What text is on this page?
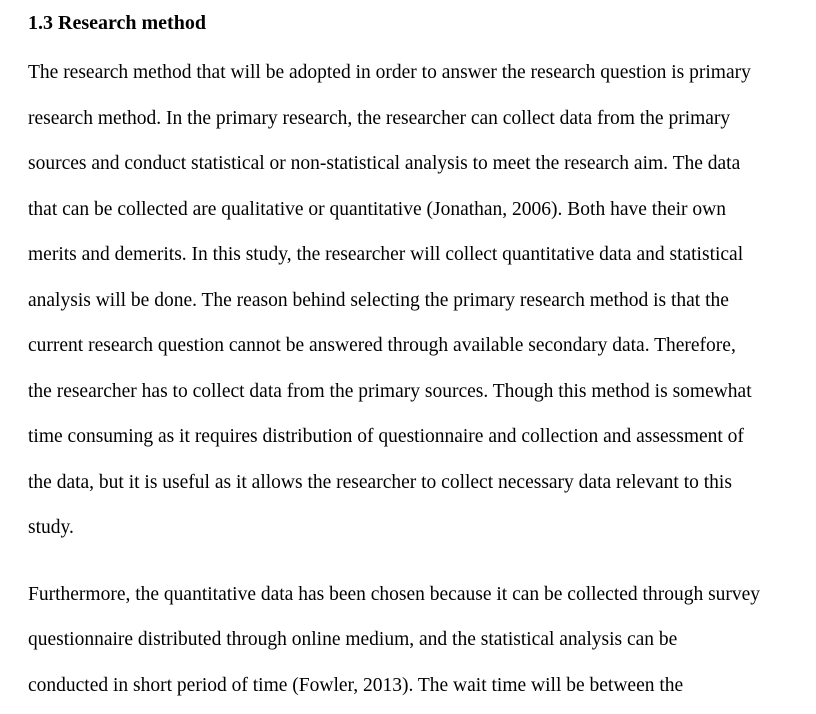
1.3 Research method
The research method that will be adopted in order to answer the research question is primary
research method. In the primary research, the researcher can collect data from the primary
sources and conduct statistical or non-statistical analysis to meet the research aim. The data
that can be collected are qualitative or quantitative (Jonathan, 2006). Both have their own
merits and demerits. In this study, the researcher will collect quantitative data and statistical
analysis will be done. The reason behind selecting the primary research method is that the
current research question cannot be answered through available secondary data. Therefore,
the researcher has to collect data from the primary sources. Though this method is somewhat
time consuming as it requires distribution of questionnaire and collection and assessment of
the data, but it is useful as it allows the researcher to collect necessary data relevant to this
study.
Furthermore, the quantitative data has been chosen because it can be collected through survey
questionnaire distributed through online medium, and the statistical analysis can be
conducted in short period of time (Fowler, 2013). The wait time will be between the
